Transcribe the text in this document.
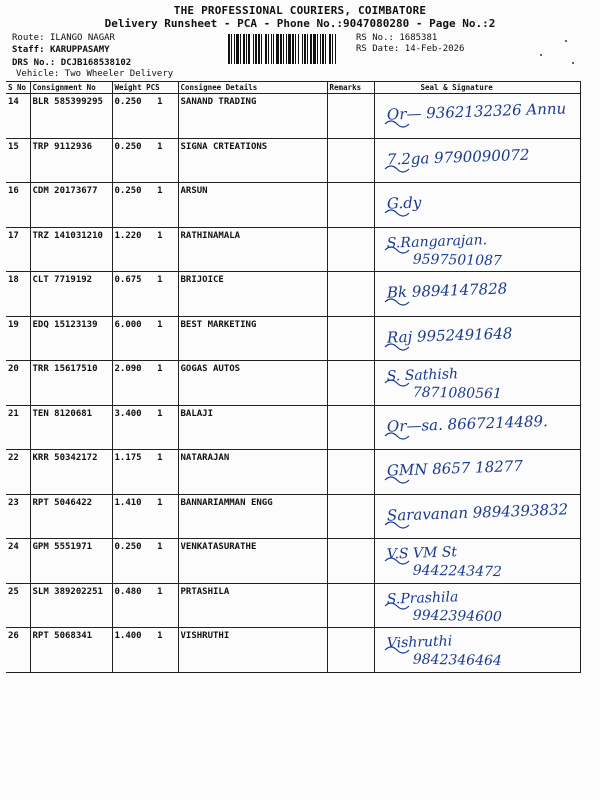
THE PROFESSIONAL COURIERS, COIMBATORE
Delivery Runsheet - PCA - Phone No.:9047080280 - Page No.:2
Route: ILANGO NAGAR
Staff: KARUPPASAMY
DRS No.: DCJB168538102
Vehicle: Two Wheeler Delivery
RS No.: 1685381
RS Date: 14-Feb-2026
S No	Consignment No	Weight PCS	Consignee Details	Remarks	Seal & Signature
14	BLR 585399295	0.250 1	SANAND TRADING		Or— 9362132326 Annu

15	TRP 9112936	0.250 1	SIGNA CRTEATIONS		7.2ga 9790090072

16	CDM 20173677	0.250 1	ARSUN		G.dy

17	TRZ 141031210	1.220 1	RATHINAMALA		S.Rangarajan.
9597501087

18	CLT 7719192	0.675 1	BRIJOICE		Bk 9894147828

19	EDQ 15123139	6.000 1	BEST MARKETING		Raj 9952491648

20	TRR 15617510	2.090 1	GOGAS AUTOS		S. Sathish
7871080561

21	TEN 8120681	3.400 1	BALAJI		Or—sa. 8667214489.

22	KRR 50342172	1.175 1	NATARAJAN		GMN 8657 18277

23	RPT 5046422	1.410 1	BANNARIAMMAN ENGG		Saravanan 9894393832

24	GPM 5551971	0.250 1	VENKATASURATHE		V.S VM St
9442243472

25	SLM 389202251	0.480 1	PRTASHILA		S.Prashila
9942394600

26	RPT 5068341	1.400 1	VISHRUTHI		Vishruthi
9842346464
